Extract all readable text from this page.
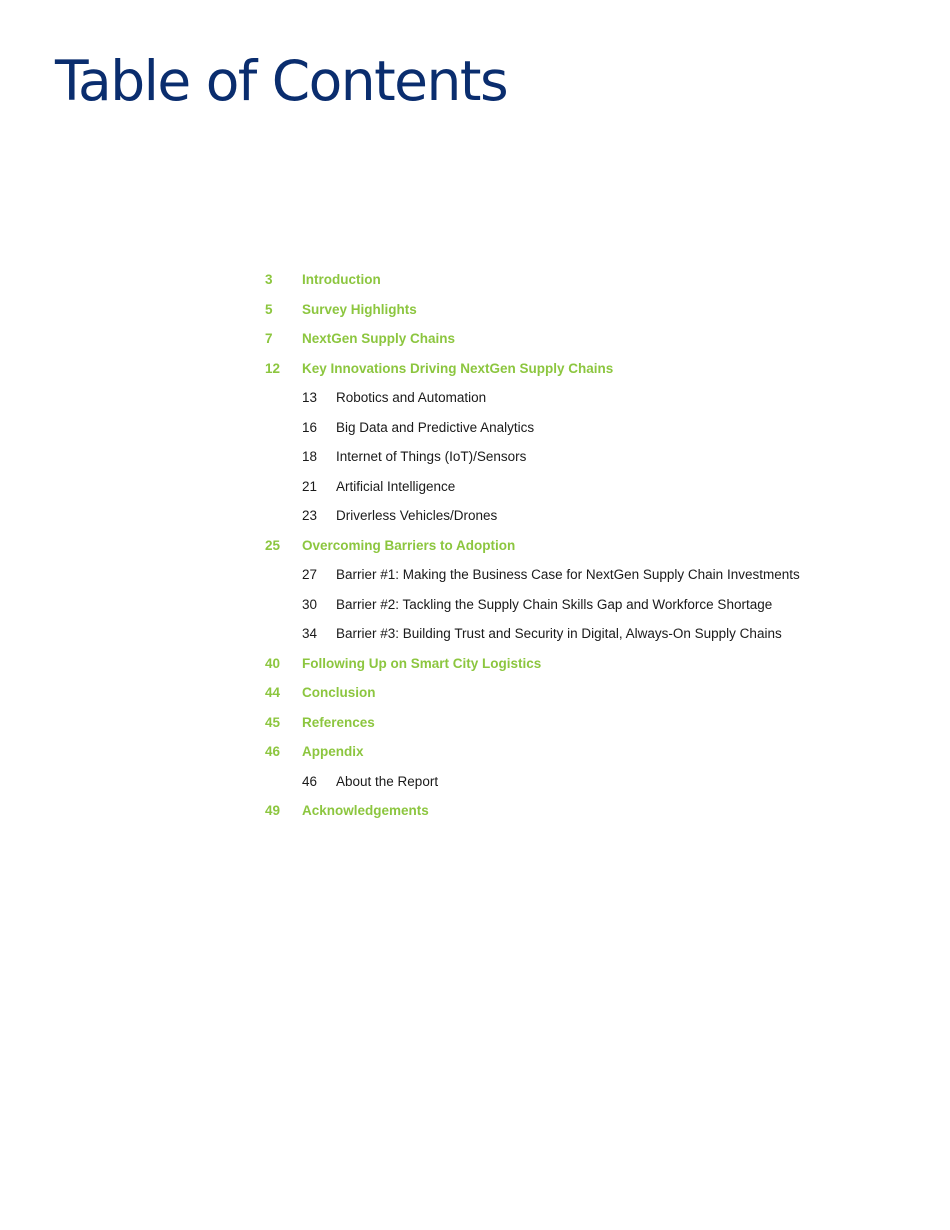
Table of Contents
3	Introduction
5	Survey Highlights
7	NextGen Supply Chains
12	Key Innovations Driving NextGen Supply Chains
13	Robotics and Automation
16	Big Data and Predictive Analytics
18	Internet of Things (IoT)/Sensors
21	Artificial Intelligence
23	Driverless Vehicles/Drones
25	Overcoming Barriers to Adoption
27	Barrier #1: Making the Business Case for NextGen Supply Chain Investments
30	Barrier #2: Tackling the Supply Chain Skills Gap and Workforce Shortage
34	Barrier #3: Building Trust and Security in Digital, Always-On Supply Chains
40	Following Up on Smart City Logistics
44	Conclusion
45	References
46	Appendix
46	About the Report
49	Acknowledgements
